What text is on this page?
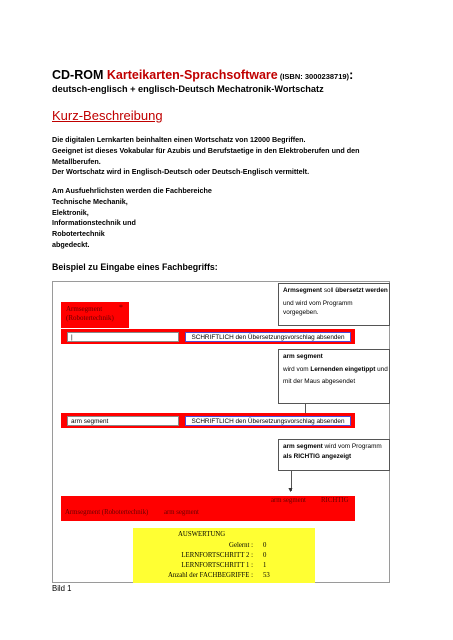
CD-ROM Karteikarten-Sprachsoftware (ISBN: 3000238719):
deutsch-englisch + englisch-Deutsch Mechatronik-Wortschatz
Kurz-Beschreibung
Die digitalen Lernkarten beinhalten einen Wortschatz von 12000 Begriffen.
Geeignet ist dieses Vokabular für Azubis und Berufstaetige in den Elektroberufen und den
Metallberufen.
Der Wortschatz wird in Englisch-Deutsch oder Deutsch-Englisch vermittelt.
Am Ausfuehrlichsten werden die Fachbereiche
Technische Mechanik,
Elektronik,
Informationstechnik und
Robotertechnik
abgedeckt.
Beispiel zu Eingabe eines Fachbegriffs:
Armsegment
(Robotertechnik)
*
Armsegment soll übersetzt werden
und wird vom Programm
vorgegeben.
|	SCHRIFTLICH den Übersetzungsvorschlag absenden
arm segment
wird vom Lernenden eingetippt und
mit der Maus abgesendet
arm segment	SCHRIFTLICH den Übersetzungsvorschlag absenden
arm segment wird vom Programm
als RICHTIG angezeigt
▼
arm segment RICHTIG
Armsegment (Robotertechnik) arm segment
AUSWERTUNG
Gelernt : 0
LERNFORTSCHRITT 2 : 0
LERNFORTSCHRITT 1 : 1
Anzahl der FACHBEGRIFFE : 53
Bild 1
